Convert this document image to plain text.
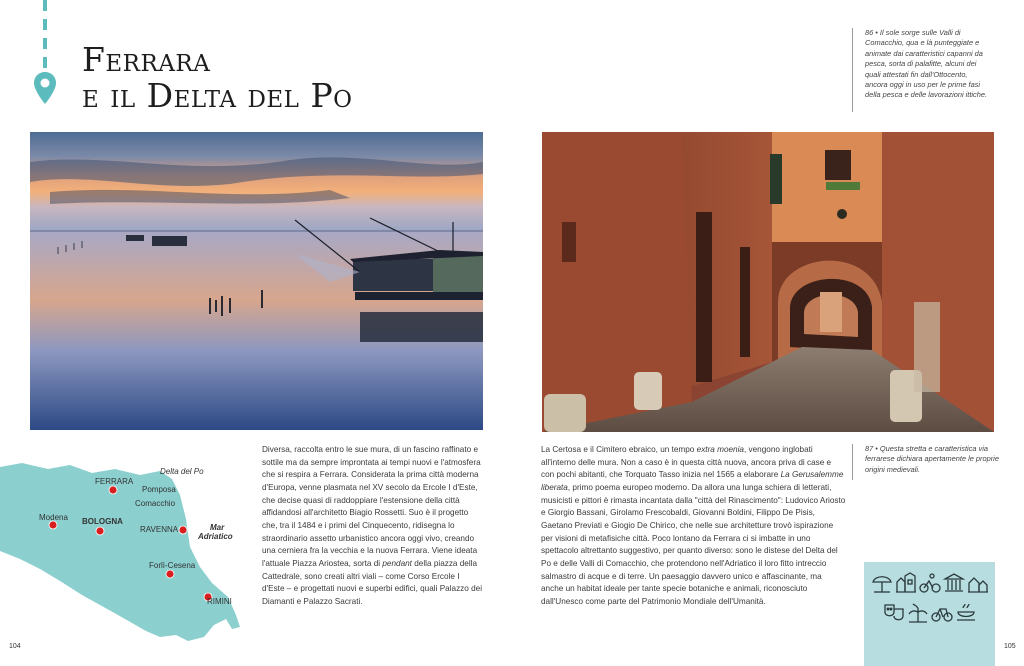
Ferrara
e il Delta del Po
86 • Il sole sorge sulle Valli di Comacchio, qua e là punteggiate e animate dai caratteristici capanni da pesca, sorta di palafitte, alcuni dei quali attestati fin dall'Ottocento, ancora oggi in uso per le prime fasi della pesca e delle lavorazioni ittiche.
87 • Questa stretta e caratteristica via ferrarese dichiara apertamente le proprie origini medievali.
Delta del Po
FERRARA
Pomposa
Comacchio
Modena BOLOGNA
RAVENNA	Mar
Adriatico
Forlì-Cesena
RIMINI
Diversa, raccolta entro le sue mura, di un fascino raffinato e sottile ma da sempre improntata ai tempi nuovi e l'atmosfera che si respira a Ferrara. Considerata la prima città moderna d'Europa, venne plasmata nel XV secolo da Ercole I d'Este, che decise quasi di raddoppiare l'estensione della città affidandosi all'architetto Biagio Rossetti. Suo è il progetto che, tra il 1484 e i primi del Cinquecento, ridisegna lo straordinario assetto urbanistico ancora oggi vivo, creando una cerniera fra la vecchia e la nuova Ferrara. Viene ideata l'attuale Piazza Ariostea, sorta di pendant della piazza della Cattedrale, sono creati altri viali – come Corso Ercole I d'Este – e progettati nuovi e superbi edifici, quali Palazzo dei Diamanti e Palazzo Sacrati.
La Certosa e il Cimitero ebraico, un tempo extra moenia, vengono inglobati all'interno delle mura. Non a caso è in questa città nuova, ancora priva di case e con pochi abitanti, che Torquato Tasso inizia nel 1565 a elaborare La Gerusalemme liberata, primo poema europeo moderno. Da allora una lunga schiera di letterati, musicisti e pittori è rimasta incantata dalla "città del Rinascimento": Ludovico Ariosto e Giorgio Bassani, Girolamo Frescobaldi, Giovanni Boldini, Filippo De Pisis, Gaetano Previati e Giogio De Chirico, che nelle sue architetture trovò ispirazione per visioni di metafisiche città. Poco lontano da Ferrara ci si imbatte in uno spettacolo altrettanto suggestivo, per quanto diverso: sono le distese del Delta del Po e delle Valli di Comacchio, che protendono nell'Adriatico il loro fitto intreccio salmastro di acque e di terre. Un paesaggio davvero unico e affascinante, ma anche un habitat ideale per tante specie botaniche e animali, riconosciuto dall'Unesco come parte del Patrimonio Mondiale dell'Umanità.
104	105
